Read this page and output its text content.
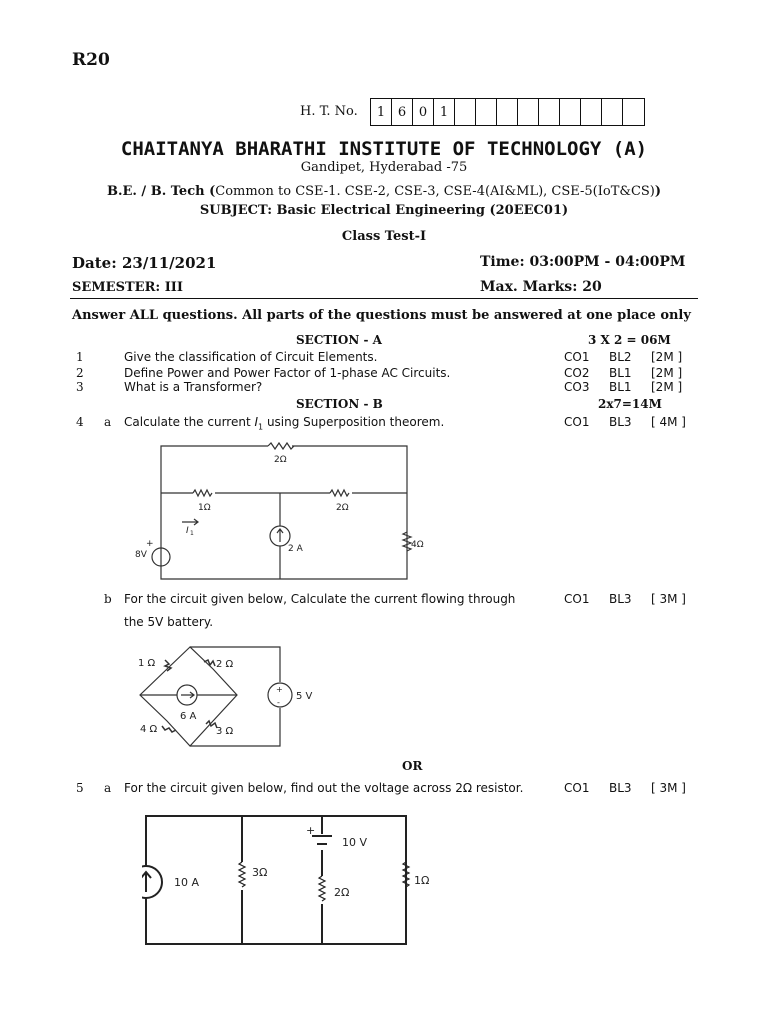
R20
H. T. No.	1 6 0 1
CHAITANYA BHARATHI INSTITUTE OF TECHNOLOGY (A)
Gandipet, Hyderabad -75
B.E. / B. Tech (Common to CSE-1. CSE-2, CSE-3, CSE-4(AI&ML), CSE-5(IoT&CS))
SUBJECT: Basic Electrical Engineering (20EEC01)
Class Test-I
Date: 23/11/2021	Time: 03:00PM - 04:00PM
SEMESTER: III	Max. Marks: 20
Answer ALL questions. All parts of the questions must be answered at one place only
SECTION - A	3 X 2 = 06M
1	Give the classification of Circuit Elements.	CO1 BL2 [2M ]
2	Define Power and Power Factor of 1-phase AC Circuits.	CO2 BL1 [2M ]
3	What is a Transformer?	CO3 BL1 [2M ]
SECTION - B	2x7=14M
4 a Calculate the current $I_1$ using Superposition theorem.	CO1 BL3 [ 4M ]
2Ω
1Ω	2Ω
2 A	4Ω
8V
+
I 1
b For the circuit given below, Calculate the current flowing through
the 5V battery.
CO1 BL3 [ 3M ]
1 Ω	2 Ω
3 Ω
4 Ω
6 A
5 V
+
-
OR
5 a For the circuit given below, find out the voltage across 2Ω resistor.	CO1 BL3 [ 3M ]
10 A
3Ω
2Ω
1Ω
10 V
+
